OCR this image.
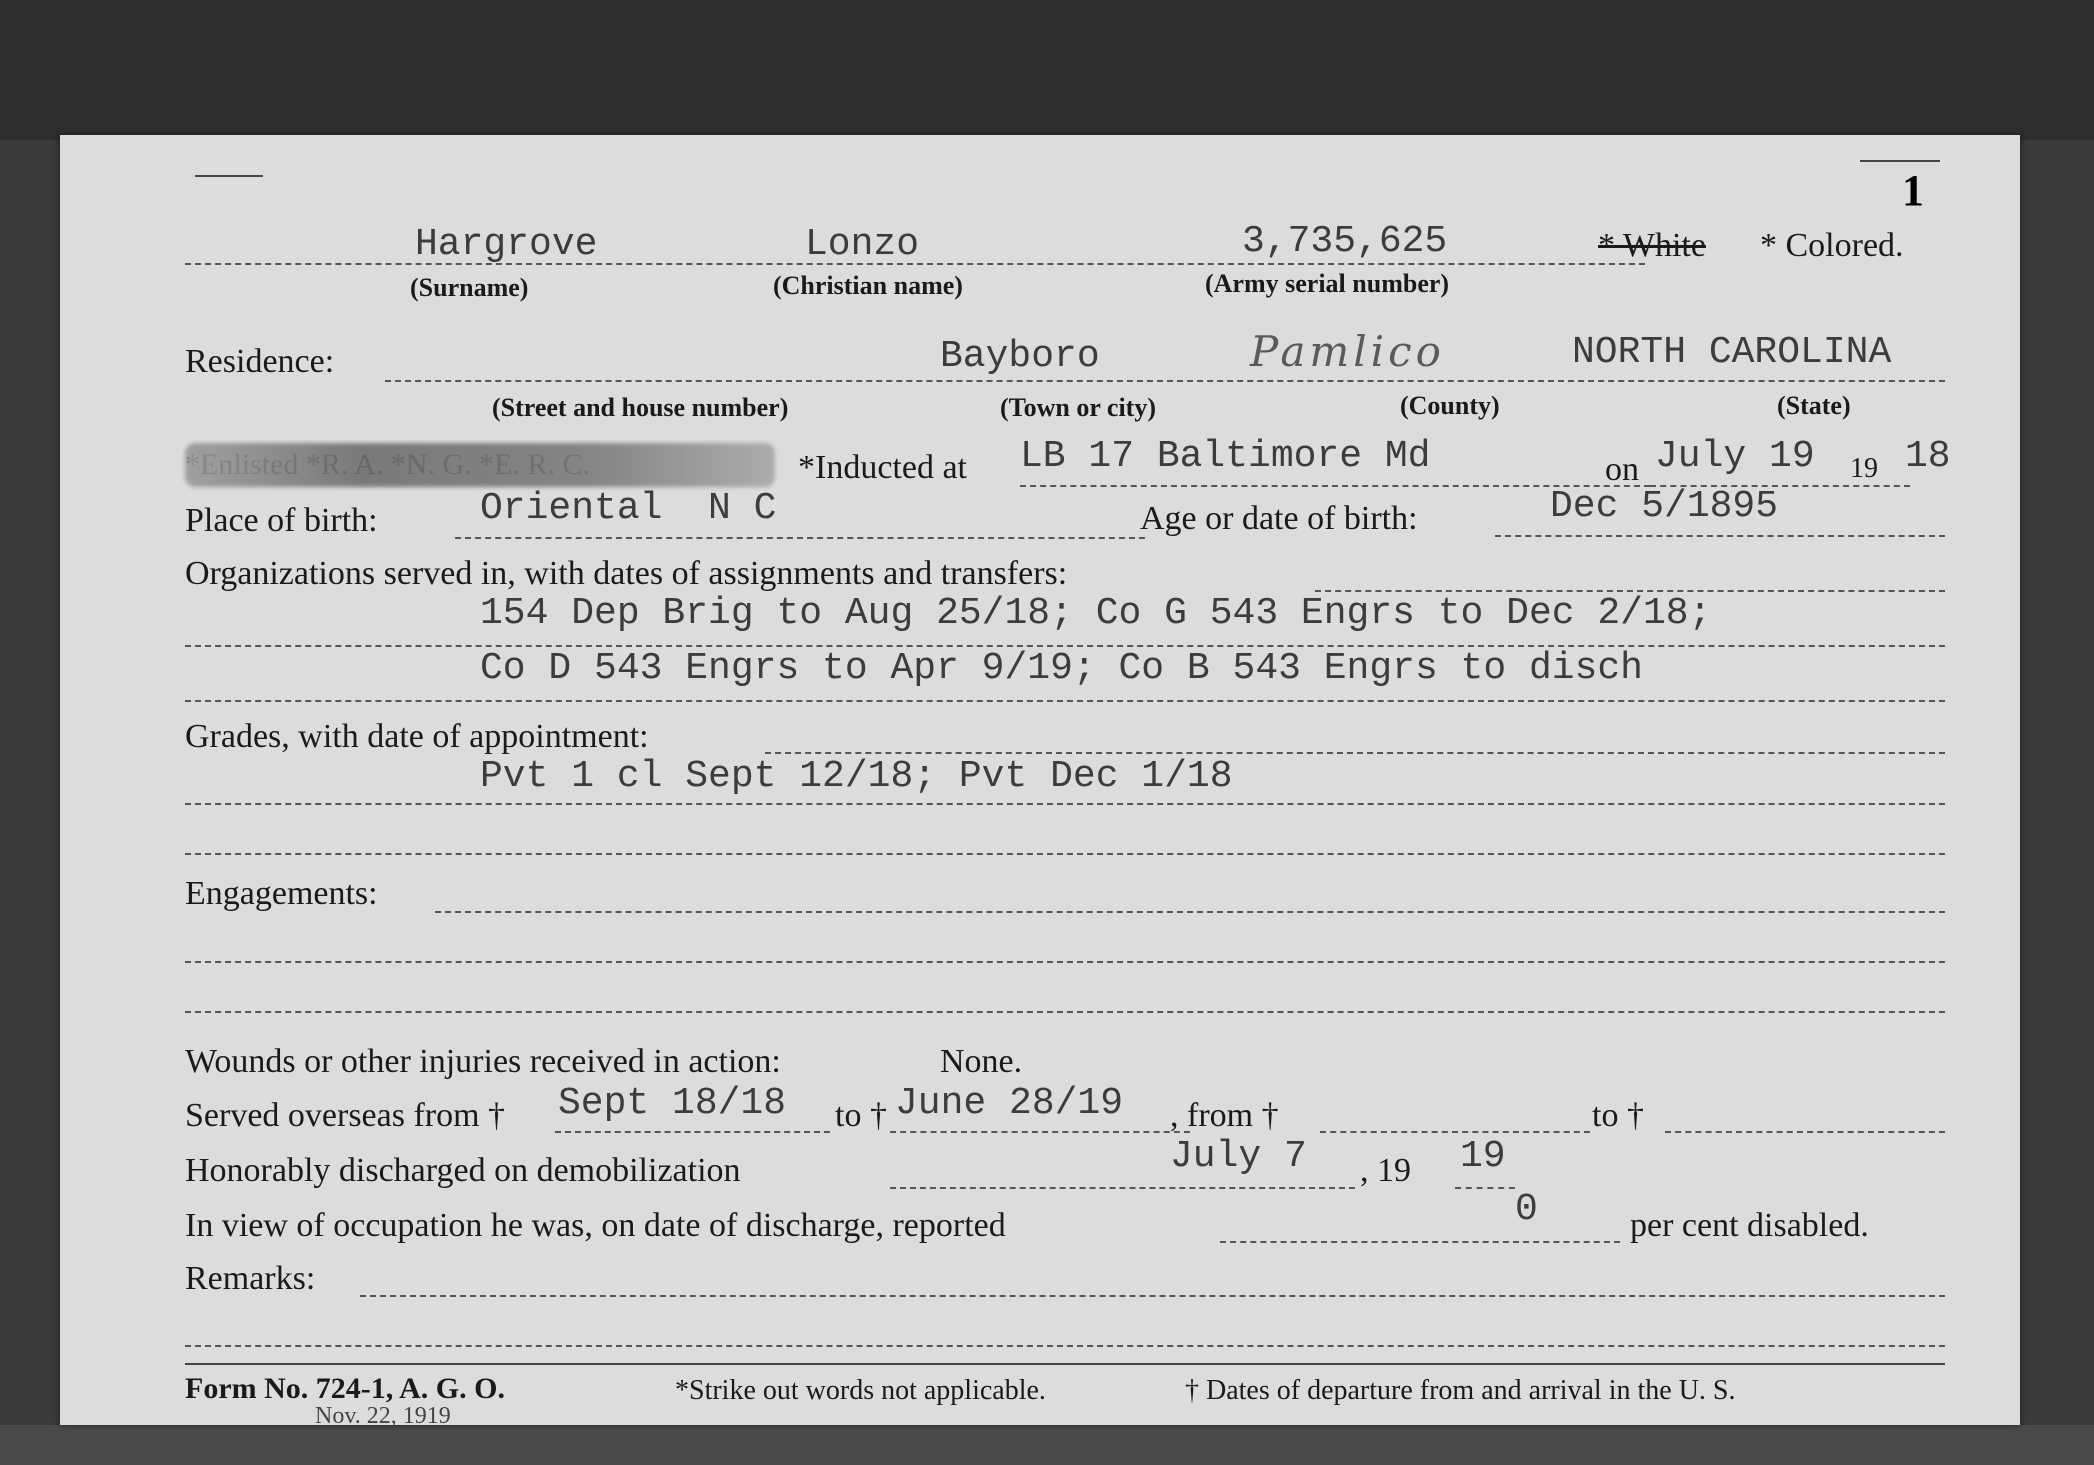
1
Hargrove	Lonzo	3,735,625	* White * Colored.
(Surname)	(Christian name)	(Army serial number)
Residence:	Bayboro	Pamlico	NORTH CAROLINA
(Street and house number)	(Town or city)	(County)	(State)
*Inducted at LB 17 Baltimore Md	on July 19 19 18
Place of birth:	Oriental  N C	Age or date of birth:	Dec 5/1895
Organizations served in, with dates of assignments and transfers:
154 Dep Brig to Aug 25/18; Co G 543 Engrs to Dec 2/18;
Co D 543 Engrs to Apr 9/19; Co B 543 Engrs to disch
Grades, with date of appointment:
Pvt 1 cl Sept 12/18; Pvt Dec 1/18
Engagements:
Wounds or other injuries received in action:	None.
Served overseas from † Sept 18/18 to † June 28/19 , from †	to †
Honorably discharged on demobilization	July 7 , 19 19
In view of occupation he was, on date of discharge, reported	0	per cent disabled.
Remarks:
Form No. 724-1, A. G. O.
Nov. 22, 1919
*Strike out words not applicable.	† Dates of departure from and arrival in the U. S.
